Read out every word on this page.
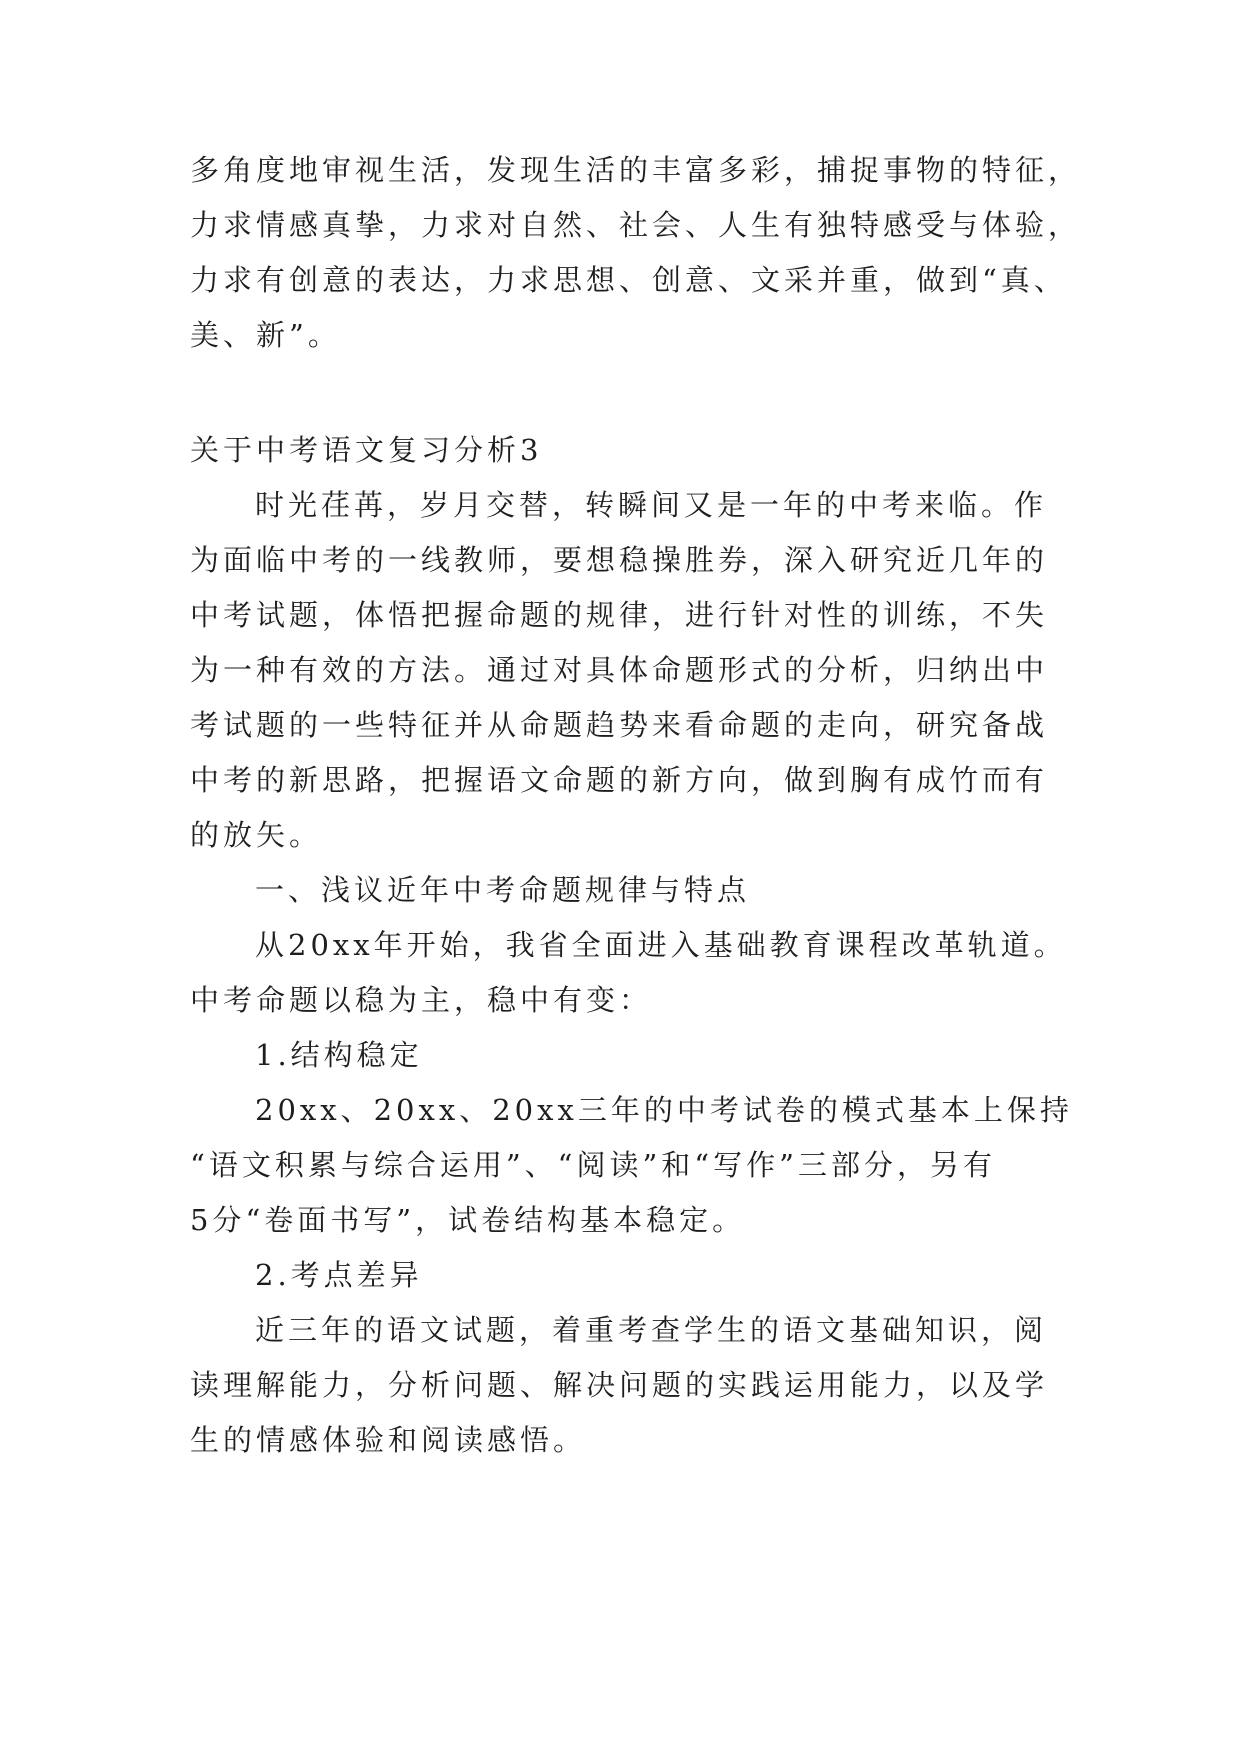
多角度地审视生活，发现生活的丰富多彩，捕捉事物的特征，

力求情感真挚，力求对自然、社会、人生有独特感受与体验，

力求有创意的表达，力求思想、创意、文采并重，做到“真、

美、新”。

关于中考语文复习分析3

时光荏苒，岁月交替，转瞬间又是一年的中考来临。作

为面临中考的一线教师，要想稳操胜券，深入研究近几年的

中考试题，体悟把握命题的规律，进行针对性的训练，不失

为一种有效的方法。通过对具体命题形式的分析，归纳出中

考试题的一些特征并从命题趋势来看命题的走向，研究备战

中考的新思路，把握语文命题的新方向，做到胸有成竹而有

的放矢。

一、浅议近年中考命题规律与特点

从20xx年开始，我省全面进入基础教育课程改革轨道。

中考命题以稳为主，稳中有变：

1.结构稳定

20xx、20xx、20xx三年的中考试卷的模式基本上保持

“语文积累与综合运用”、“阅读”和“写作”三部分，另有

5分“卷面书写”，试卷结构基本稳定。

2.考点差异

近三年的语文试题，着重考查学生的语文基础知识，阅

读理解能力，分析问题、解决问题的实践运用能力，以及学

生的情感体验和阅读感悟。
